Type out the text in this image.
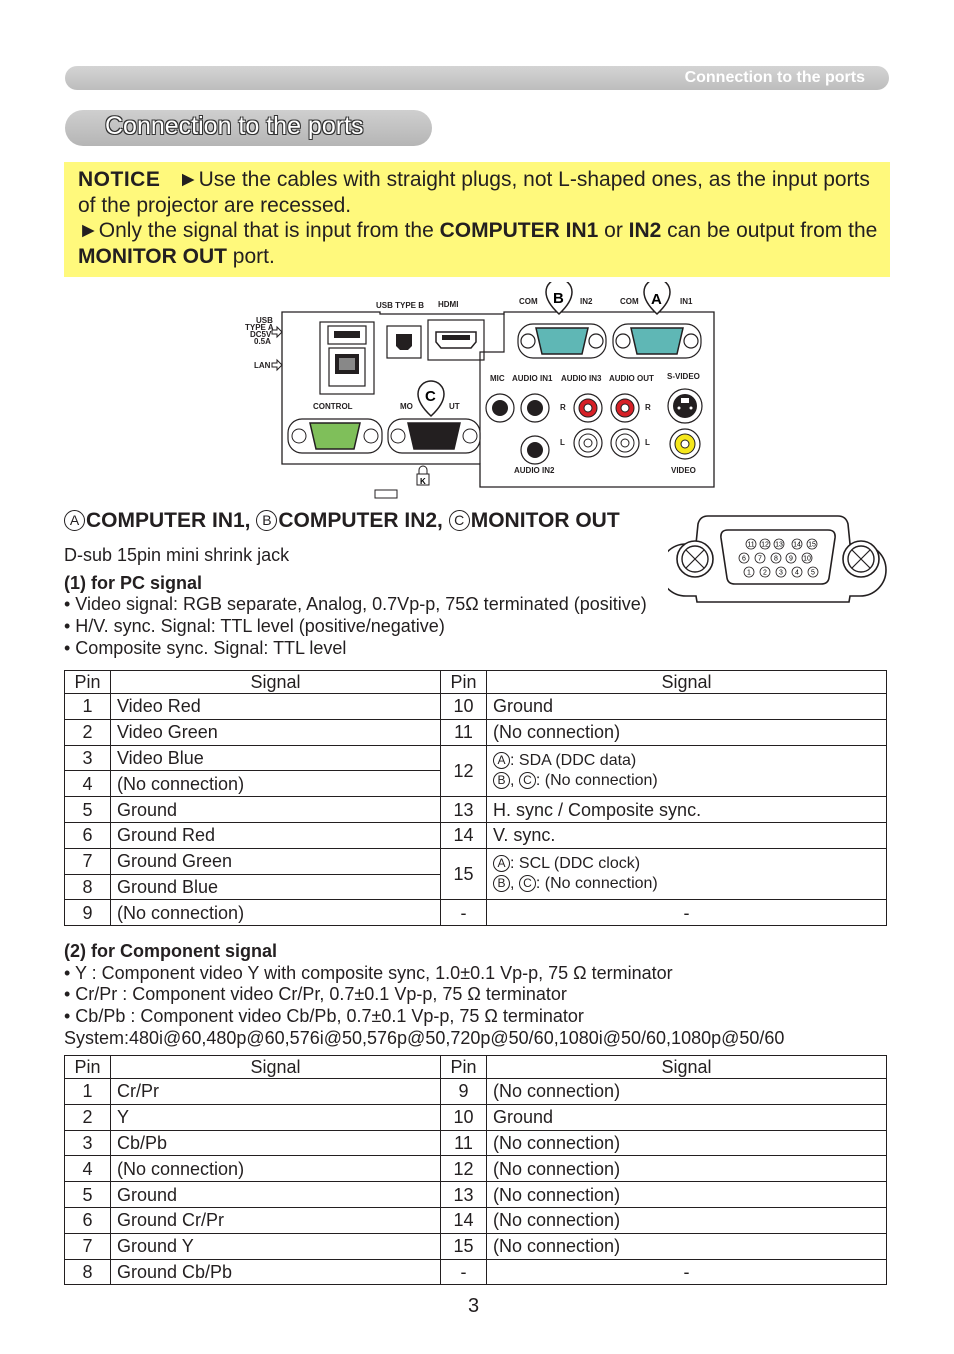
Connection to the ports
Connection to the ports
NOTICE ►Use the cables with straight plugs, not L-shaped ones, as the input ports of the projector are recessed.
►Only the signal that is input from the COMPUTER IN1 or IN2 can be output from the MONITOR OUT port.
USB TYPE B HDMI	COM	IN2	COM	IN1
B	A
USB
TYPE A
DC5V
0.5A
LAN
MIC AUDIO IN1 AUDIO IN3 AUDIO OUT S-VIDEO
AUDIO IN2
R	R
L	L
VIDEO
CONTROL	MO	UT
C
K
A COMPUTER IN1, B COMPUTER IN2, C MONITOR OUT
11 12 13 14 15
6 7 8 9 10
1 2 3 4 5
D-sub 15pin mini shrink jack
(1) for PC signal
• Video signal: RGB separate, Analog, 0.7Vp-p, 75Ω terminated (positive)
• H/V. sync. Signal: TTL level (positive/negative)
• Composite sync. Signal: TTL level
Pin	Signal	Pin	Signal
1	Video Red	10	Ground
2	Video Green	11	(No connection)
3	Video Blue	12	A : SDA (DDC data)
B , C : (No connection)
4	(No connection)		
5	Ground	13	H. sync / Composite sync.
6	Ground Red	14	V. sync.
7	Ground Green	15	A : SCL (DDC clock)
B , C : (No connection)
8	Ground Blue		
9	(No connection)	-	-
(2) for Component signal
• Y : Component video Y with composite sync, 1.0±0.1 Vp-p, 75 Ω terminator
• Cr/Pr : Component video Cr/Pr, 0.7±0.1 Vp-p, 75 Ω terminator
• Cb/Pb : Component video Cb/Pb, 0.7±0.1 Vp-p, 75 Ω terminator
System:480i@60,480p@60,576i@50,576p@50,720p@50/60,1080i@50/60,1080p@50/60
Pin	Signal	Pin	Signal
1	Cr/Pr	9	(No connection)
2	Y	10	Ground
3	Cb/Pb	11	(No connection)
4	(No connection)	12	(No connection)
5	Ground	13	(No connection)
6	Ground Cr/Pr	14	(No connection)
7	Ground Y	15	(No connection)
8	Ground Cb/Pb	-	-
3
